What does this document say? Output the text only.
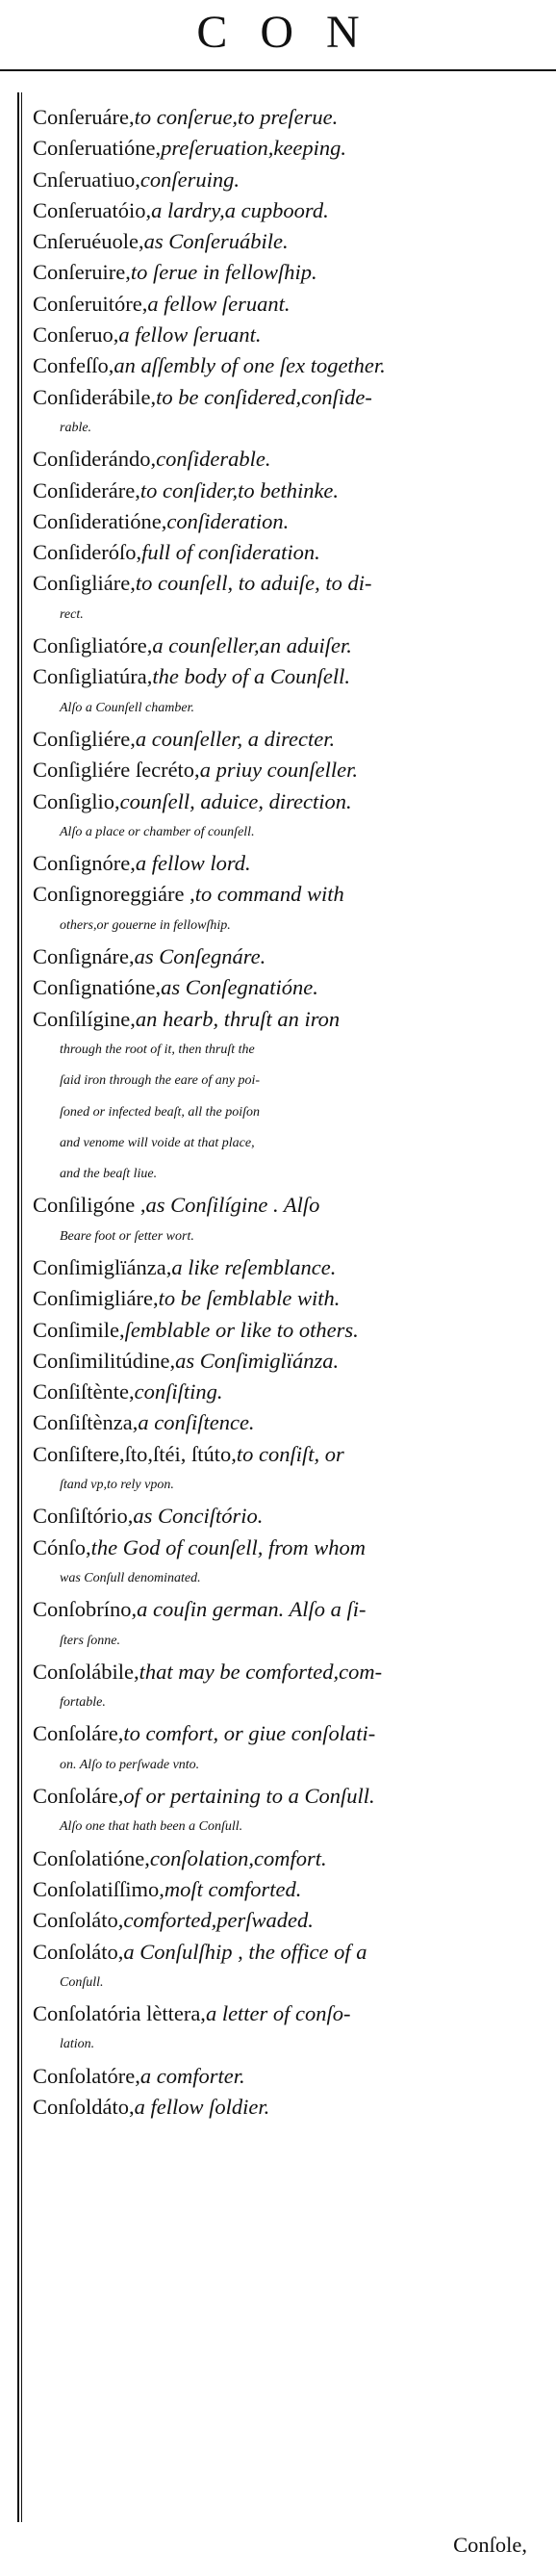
CON
Conſeruáre,to conſerue,to preſerue.
Conſeruatióne,preſeruation,keeping.
Cnſeruatiuo,conſeruing.
Conſeruatóio,a lardry,a cupboord.
Cnſeruéuole,as Conſeruábile.
Conſeruire,to ſerue in fellowſhip.
Conſeruitóre,a fellow ſeruant.
Conſeruo,a fellow ſeruant.
Confeſſo,an aſſembly of one ſex together.
Conſiderábile,to be conſidered,conſide-
rable.
Conſiderándo,conſiderable.
Conſideráre,to conſider,to bethinke.
Conſideratióne,conſideration.
Conſideróſo,full of conſideration.
Conſigliáre,to counſell, to aduiſe, to di-
rect.
Conſigliatóre,a counſeller,an aduiſer.
Conſigliatúra,the body of a Counſell.
Alſo a Counſell chamber.
Conſigliére,a counſeller, a directer.
Conſigliére ſecréto,a priuy counſeller.
Conſiglio,counſell, aduice, direction.
Alſo a place or chamber of counſell.
Conſignóre,a fellow lord.
Conſignoreggiáre ,to command with
others,or gouerne in fellowſhip.
Conſignáre,as Conſegnáre.
Conſignatióne,as Conſegnatióne.
Conſilígine,an hearb, thruſt an iron
through the root of it, then thruſt the
ſaid iron through the eare of any poi-
ſoned or infected beaſt, all the poiſon
and venome will voide at that place,
and the beaſt liue.
Conſiligóne ,as Conſilígine . Alſo
Beare foot or ſetter wort.
Conſimiglïánza,a like reſemblance.
Conſimigliáre,to be ſemblable with.
Conſimile,ſemblable or like to others.
Conſimilitúdine,as Conſimiglïánza.
Conſiſtènte,conſiſting.
Conſiſtènza,a conſiſtence.
Conſiſtere,ſto,ſtéi, ſtúto,to conſiſt, or
ſtand vp,to rely vpon.
Conſiſtório,as Conciſtório.
Cónſo,the God of counſell, from whom
was Conſull denominated.
Conſobríno,a couſin german. Alſo a ſi-
ſters ſonne.
Conſolábile,that may be comforted,com-
fortable.
Conſoláre,to comfort, or giue conſolati-
on. Alſo to perſwade vnto.
Conſoláre,of or pertaining to a Conſull.
Alſo one that hath been a Conſull.
Conſolatióne,conſolation,comfort.
Conſolatiſſimo,moſt comforted.
Conſoláto,comforted,perſwaded.
Conſoláto,a Conſulſhip , the office of a
Conſull.
Conſolatória lèttera,a letter of conſo-
lation.
Conſolatóre,a comforter.
Conſoldáto,a fellow ſoldier.
Conſole,
